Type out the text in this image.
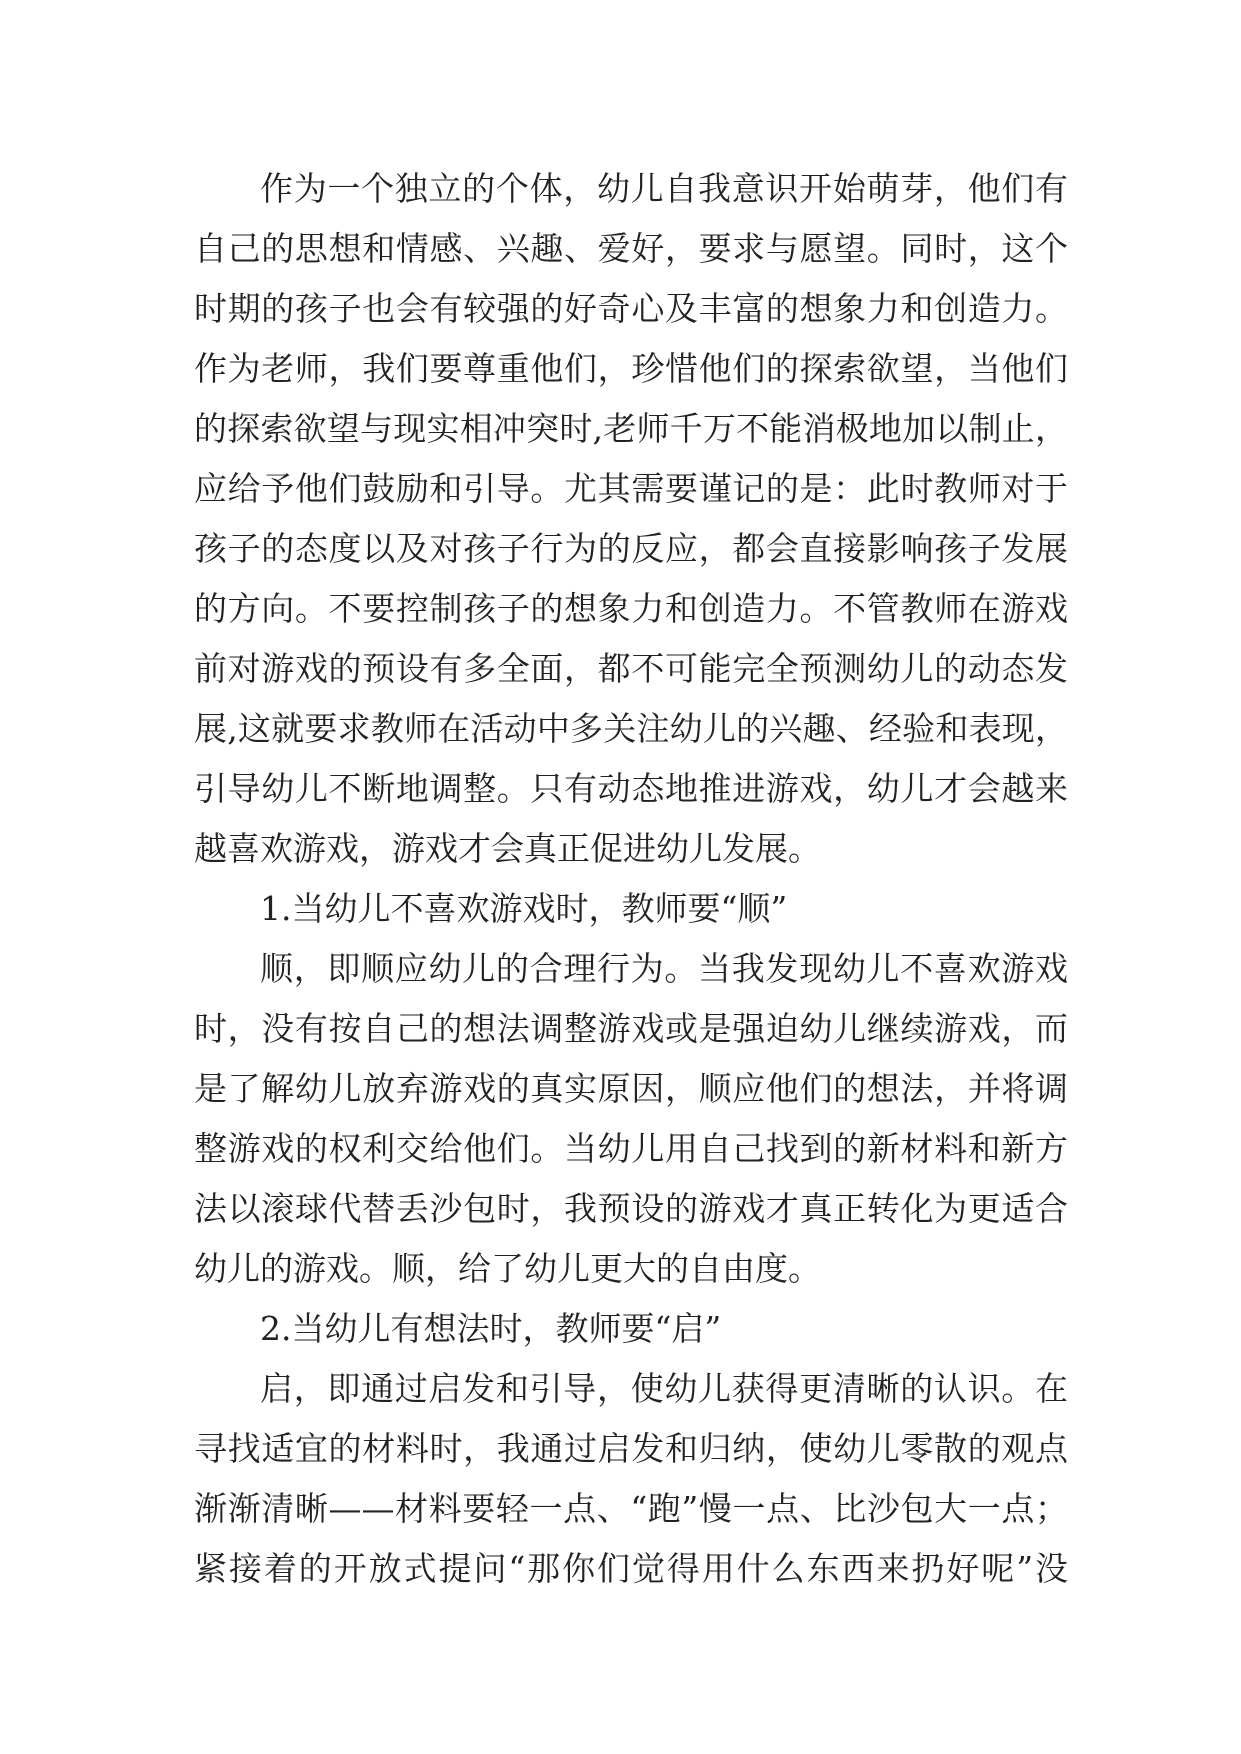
作为一个独立的个体，幼儿自我意识开始萌芽，他们有
自己的思想和情感、兴趣、爱好，要求与愿望。同时，这个
时期的孩子也会有较强的好奇心及丰富的想象力和创造力。
作为老师，我们要尊重他们，珍惜他们的探索欲望，当他们
的探索欲望与现实相冲突时,老师千万不能消极地加以制止，
应给予他们鼓励和引导。尤其需要谨记的是：此时教师对于
孩子的态度以及对孩子行为的反应，都会直接影响孩子发展
的方向。不要控制孩子的想象力和创造力。不管教师在游戏
前对游戏的预设有多全面，都不可能完全预测幼儿的动态发
展,这就要求教师在活动中多关注幼儿的兴趣、经验和表现，
引导幼儿不断地调整。只有动态地推进游戏，幼儿才会越来
越喜欢游戏，游戏才会真正促进幼儿发展。
1.当幼儿不喜欢游戏时，教师要“顺”
顺，即顺应幼儿的合理行为。当我发现幼儿不喜欢游戏
时，没有按自己的想法调整游戏或是强迫幼儿继续游戏，而
是了解幼儿放弃游戏的真实原因，顺应他们的想法，并将调
整游戏的权利交给他们。当幼儿用自己找到的新材料和新方
法以滚球代替丢沙包时，我预设的游戏才真正转化为更适合
幼儿的游戏。顺，给了幼儿更大的自由度。
2.当幼儿有想法时，教师要“启”
启，即通过启发和引导，使幼儿获得更清晰的认识。在
寻找适宜的材料时，我通过启发和归纳，使幼儿零散的观点
渐渐清晰——材料要轻一点、“跑”慢一点、比沙包大一点；
紧接着的开放式提问“那你们觉得用什么东西来扔好呢”没
